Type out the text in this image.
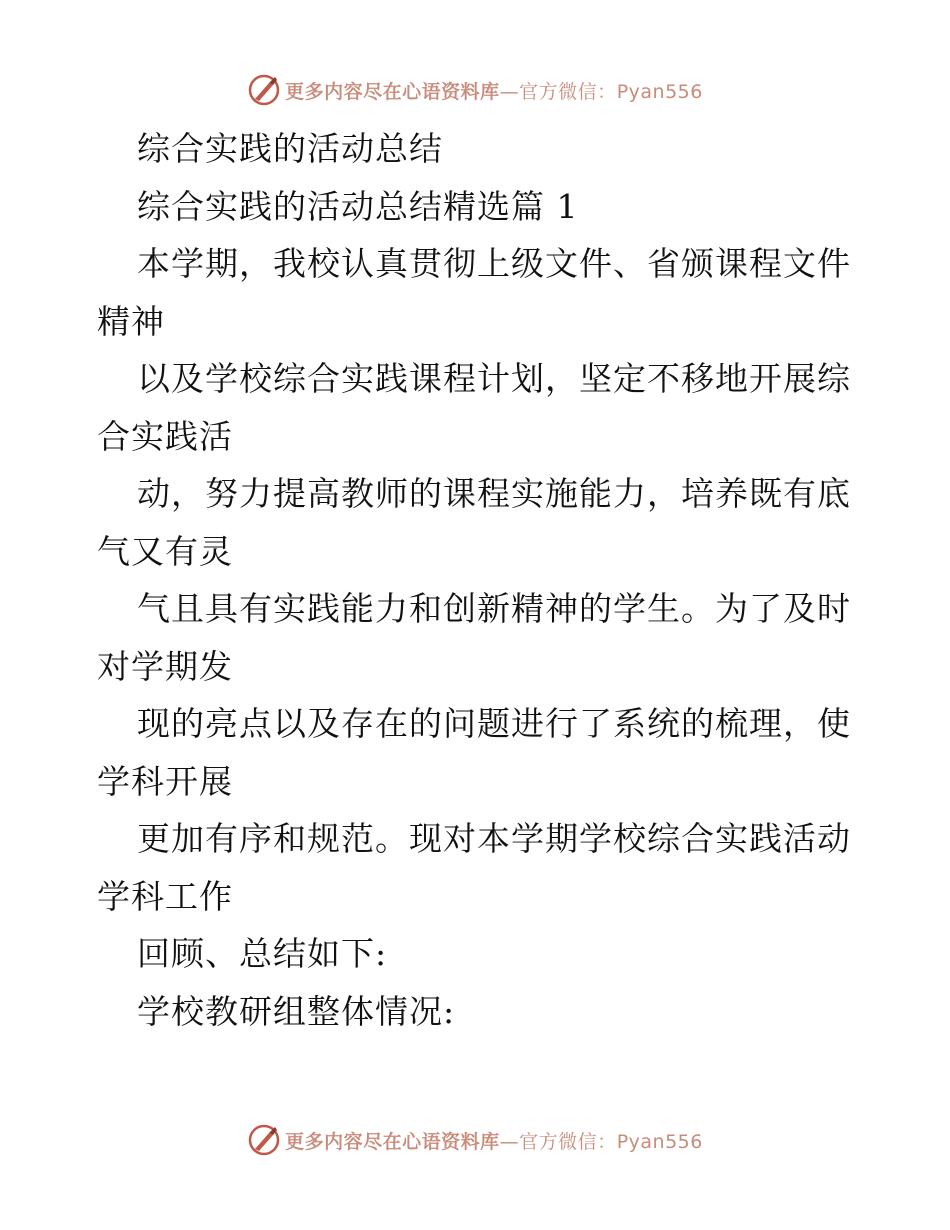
更多内容尽在心语资料库—官方微信：Pyan556
综合实践的活动总结
综合实践的活动总结精选篇 1
本学期，我校认真贯彻上级文件、省颁课程文件
精神
以及学校综合实践课程计划，坚定不移地开展综
合实践活
动，努力提高教师的课程实施能力，培养既有底
气又有灵
气且具有实践能力和创新精神的学生。为了及时
对学期发
现的亮点以及存在的问题进行了系统的梳理，使
学科开展
更加有序和规范。现对本学期学校综合实践活动
学科工作
回顾、总结如下:
学校教研组整体情况:
更多内容尽在心语资料库—官方微信：Pyan556
